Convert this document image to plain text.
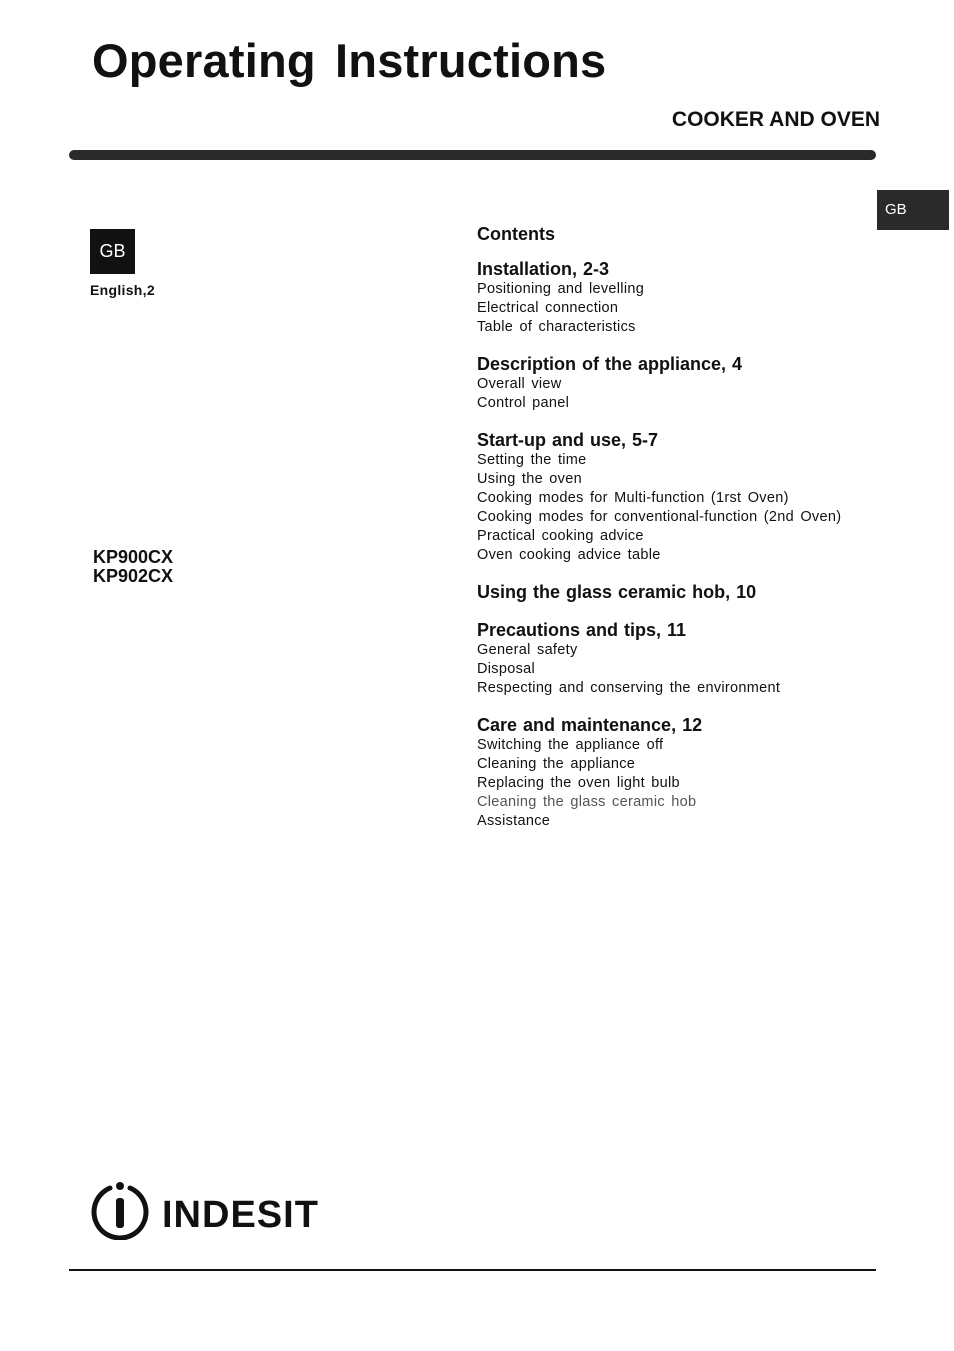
Operating Instructions
COOKER AND OVEN
GB
GB
English,2
KP900CX
KP902CX
Contents
Installation, 2-3
Positioning and levelling
Electrical connection
Table of characteristics
Description of the appliance, 4
Overall view
Control panel
Start-up and use, 5-7
Setting the time
Using the oven
Cooking modes for Multi-function (1rst Oven)
Cooking modes for conventional-function (2nd Oven)
Practical cooking advice
Oven cooking advice table
Using the glass ceramic hob, 10
Precautions and tips, 11
General safety
Disposal
Respecting and conserving the environment
Care and maintenance, 12
Switching the appliance off
Cleaning the appliance
Replacing the oven light bulb
Cleaning the glass ceramic hob
Assistance
INDESIT
